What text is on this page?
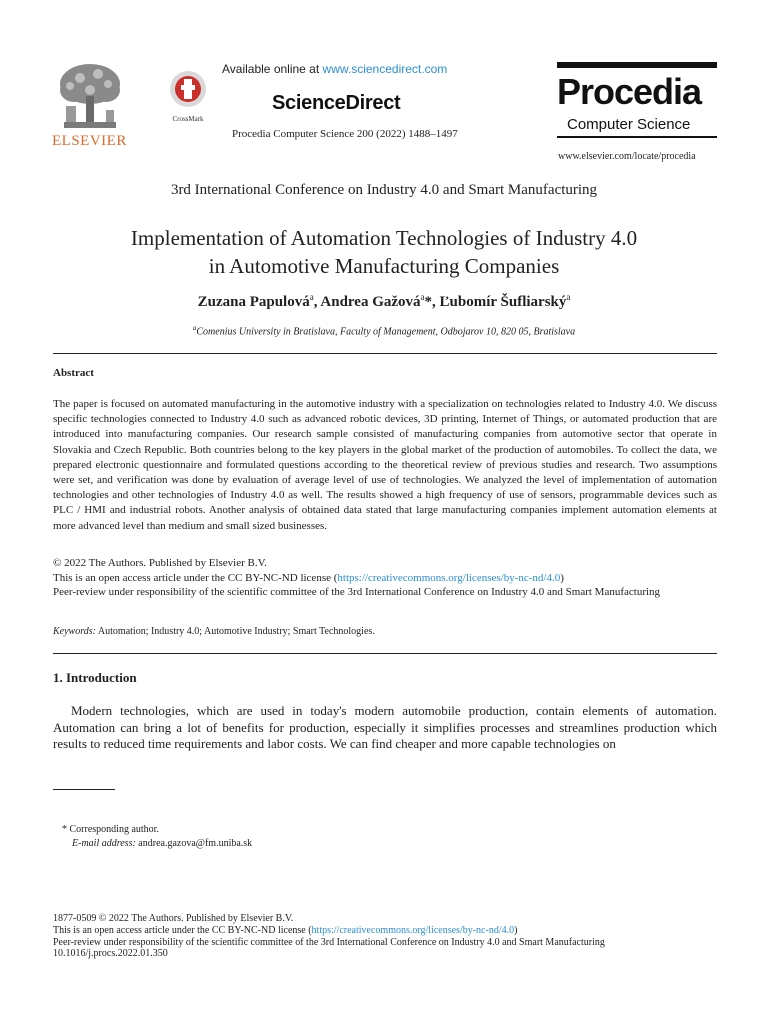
ELSEVIER
CrossMark
Available online at www.sciencedirect.com
ScienceDirect
Procedia Computer Science 200 (2022) 1488–1497
Procedia
Computer Science
www.elsevier.com/locate/procedia
3rd International Conference on Industry 4.0 and Smart Manufacturing
Implementation of Automation Technologies of Industry 4.0
in Automotive Manufacturing Companies
Zuzana Papulová$^a$, Andrea Gažová$^a$*, Ľubomír Šufliarský$^a$
$^a$Comenius University in Bratislava, Faculty of Management, Odbojarov 10, 820 05, Bratislava
Abstract
The paper is focused on automated manufacturing in the automotive industry with a specialization on technologies related to Industry 4.0. We discuss specific technologies connected to Industry 4.0 such as advanced robotic devices, 3D printing, Internet of Things, or automated production that are introduced into manufacturing companies. Our research sample consisted of manufacturing companies from automotive sector that operate in Slovakia and Czech Republic. Both countries belong to the key players in the global market of the production of automobiles. To collect the data, we prepared electronic questionnaire and formulated questions according to the theoretical review of previous studies and research. Two assumptions were set, and verification was done by evaluation of average level of use of technologies. We analyzed the level of implementation of automation technologies and other technologies of Industry 4.0 as well. The results showed a high frequency of use of sensors, programmable devices such as PLC / HMI and industrial robots. Another analysis of obtained data stated that large manufacturing companies implement automation elements at more advanced level than medium and small sized businesses.
© 2022 The Authors. Published by Elsevier B.V.
This is an open access article under the CC BY-NC-ND license (https://creativecommons.org/licenses/by-nc-nd/4.0)
Peer-review under responsibility of the scientific committee of the 3rd International Conference on Industry 4.0 and Smart Manufacturing
Keywords: Automation; Industry 4.0; Automotive Industry; Smart Technologies.
1. Introduction
Modern technologies, which are used in today's modern automobile production, contain elements of automation. Automation can bring a lot of benefits for production, especially it simplifies processes and streamlines production which results to reduced time requirements and labor costs. We can find cheaper and more capable technologies on
* Corresponding author.
E-mail address: andrea.gazova@fm.uniba.sk
1877-0509 © 2022 The Authors. Published by Elsevier B.V.
This is an open access article under the CC BY-NC-ND license (https://creativecommons.org/licenses/by-nc-nd/4.0)
Peer-review under responsibility of the scientific committee of the 3rd International Conference on Industry 4.0 and Smart Manufacturing
10.1016/j.procs.2022.01.350
